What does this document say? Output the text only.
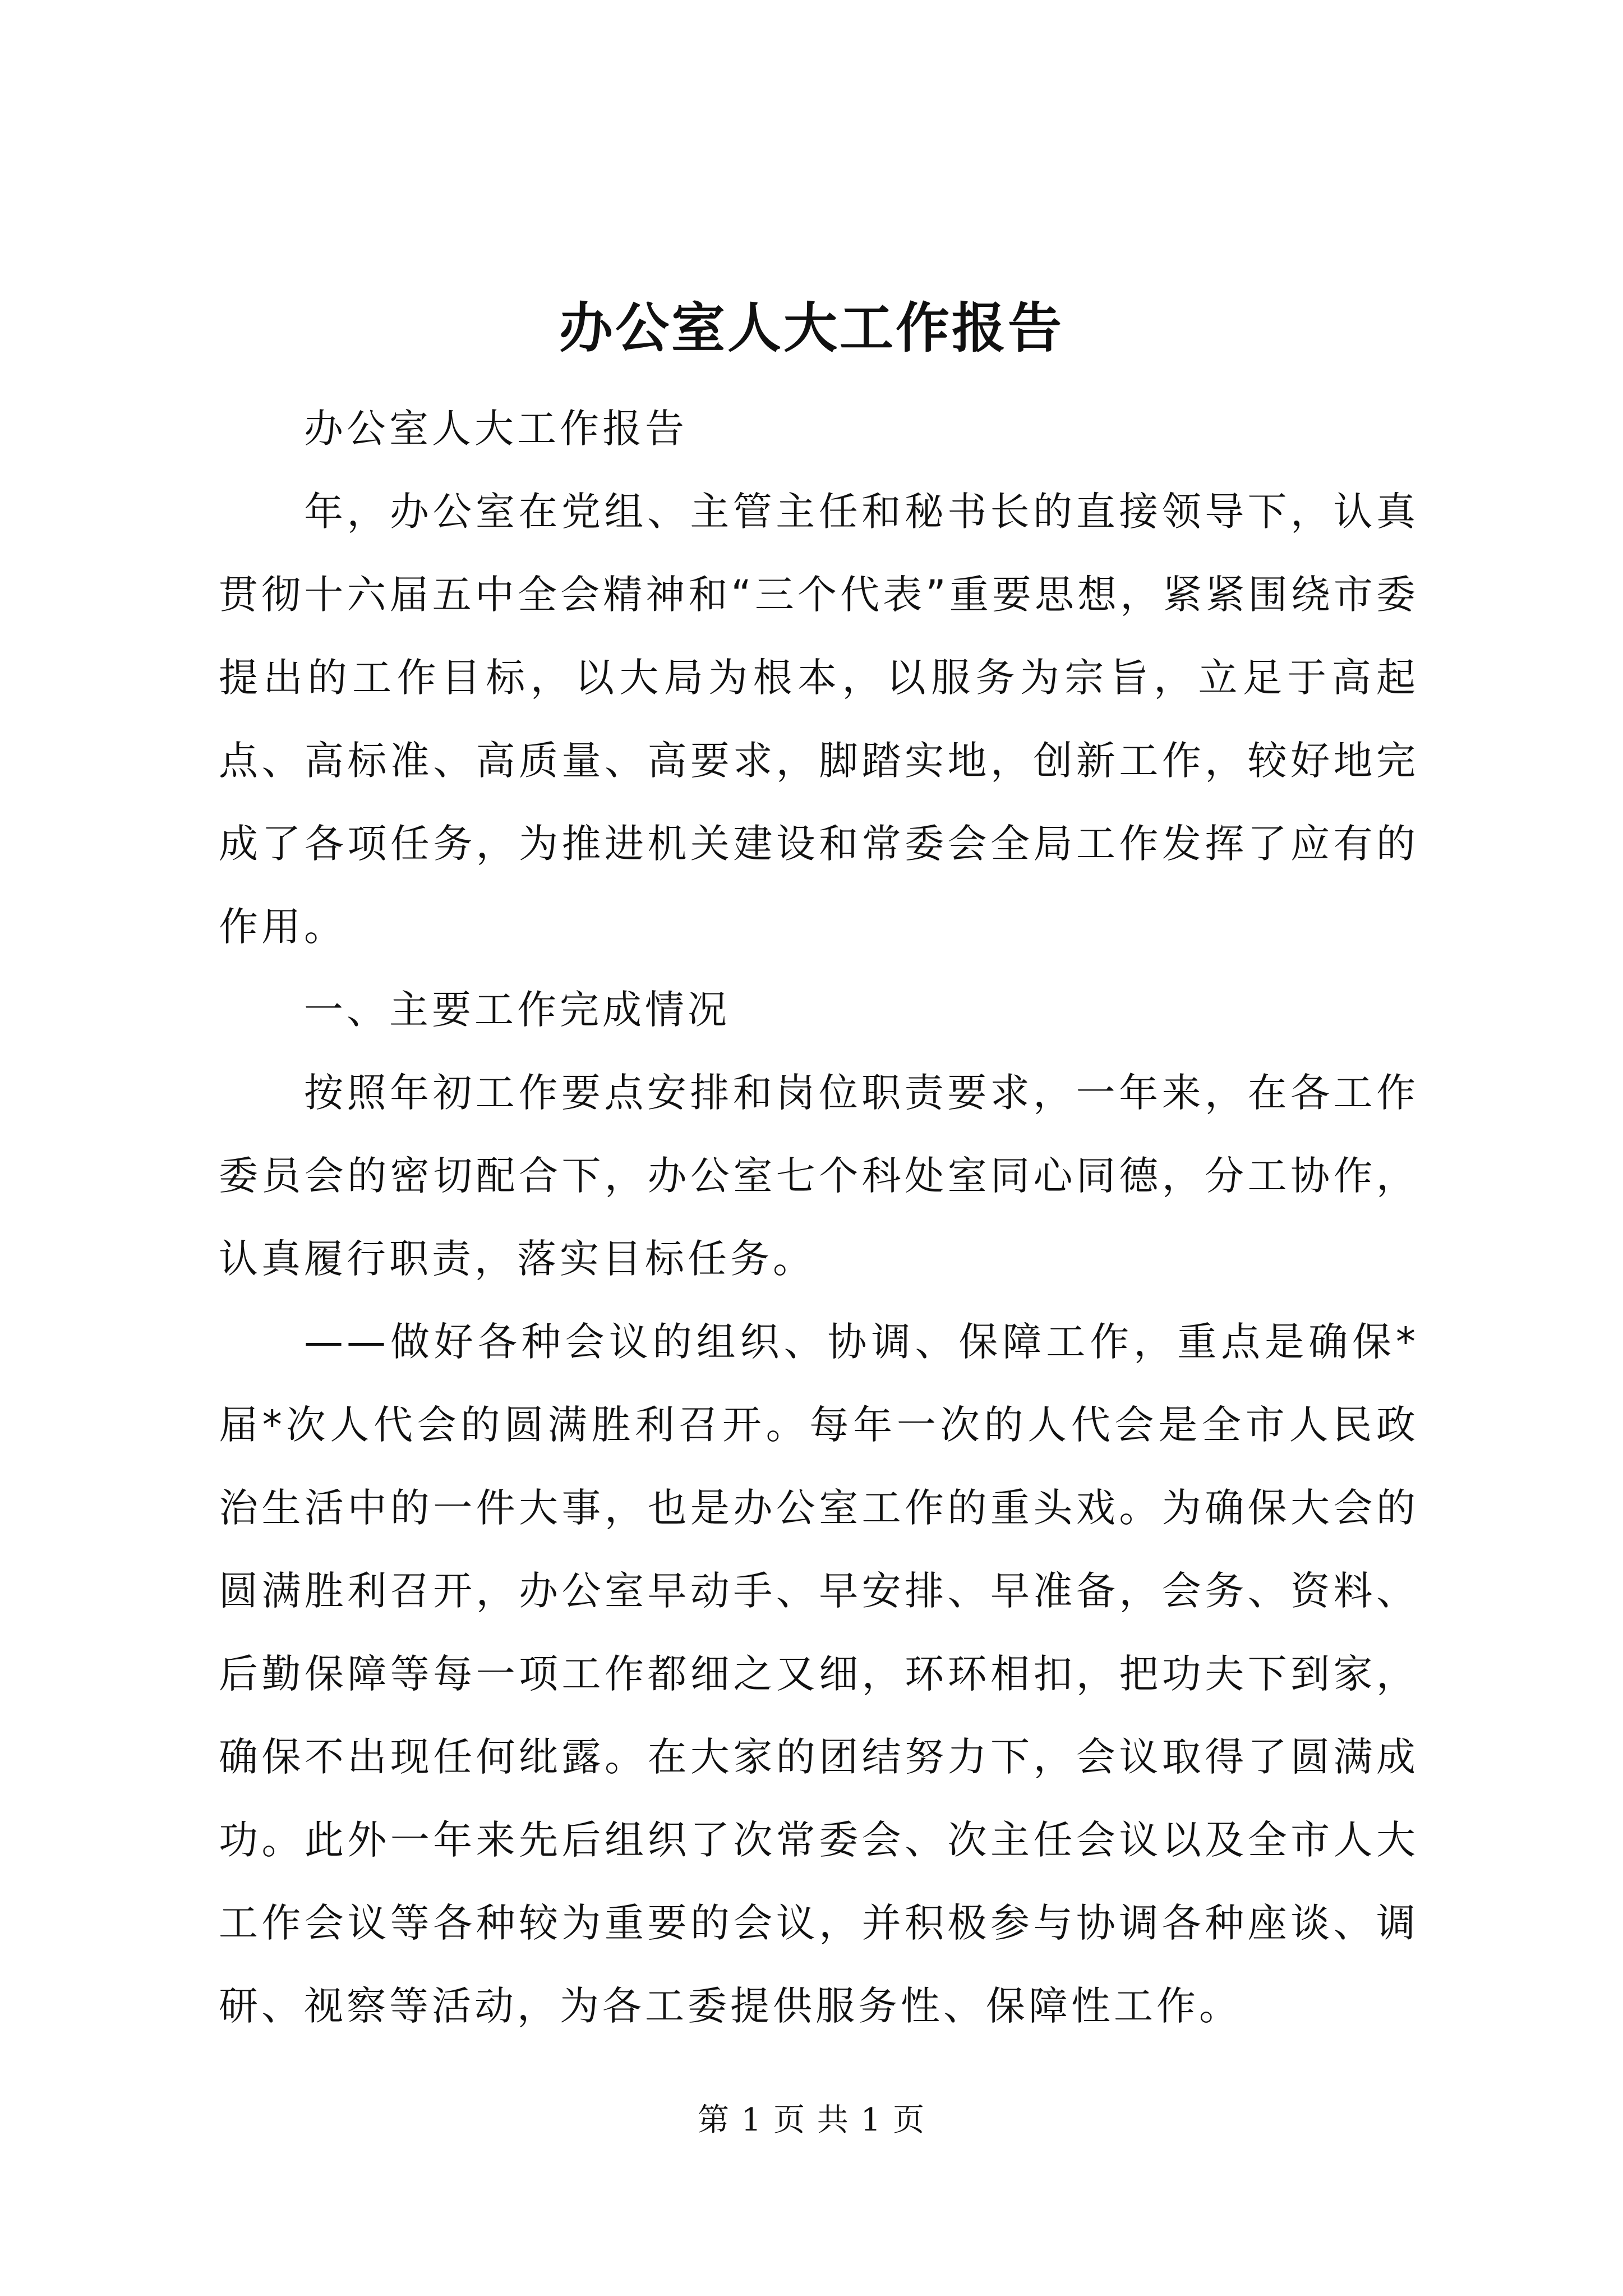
办公室人大工作报告

办公室人大工作报告

年，办公室在党组、主管主任和秘书长的直接领导下，认真贯彻十六届五中全会精神和“三个代表”重要思想，紧紧围绕市委提出的工作目标，以大局为根本，以服务为宗旨，立足于高起点、高标准、高质量、高要求，脚踏实地，创新工作，较好地完成了各项任务，为推进机关建设和常委会全局工作发挥了应有的作用。

一、主要工作完成情况

按照年初工作要点安排和岗位职责要求，一年来，在各工作委员会的密切配合下，办公室七个科处室同心同德，分工协作，认真履行职责，落实目标任务。

——做好各种会议的组织、协调、保障工作，重点是确保*届*次人代会的圆满胜利召开。每年一次的人代会是全市人民政治生活中的一件大事，也是办公室工作的重头戏。为确保大会的圆满胜利召开，办公室早动手、早安排、早准备，会务、资料、后勤保障等每一项工作都细之又细，环环相扣，把功夫下到家，确保不出现任何纰露。在大家的团结努力下，会议取得了圆满成功。此外一年来先后组织了次常委会、次主任会议以及全市人大工作会议等各种较为重要的会议，并积极参与协调各种座谈、调研、视察等活动，为各工委提供服务性、保障性工作。

第 1 页 共 1 页
